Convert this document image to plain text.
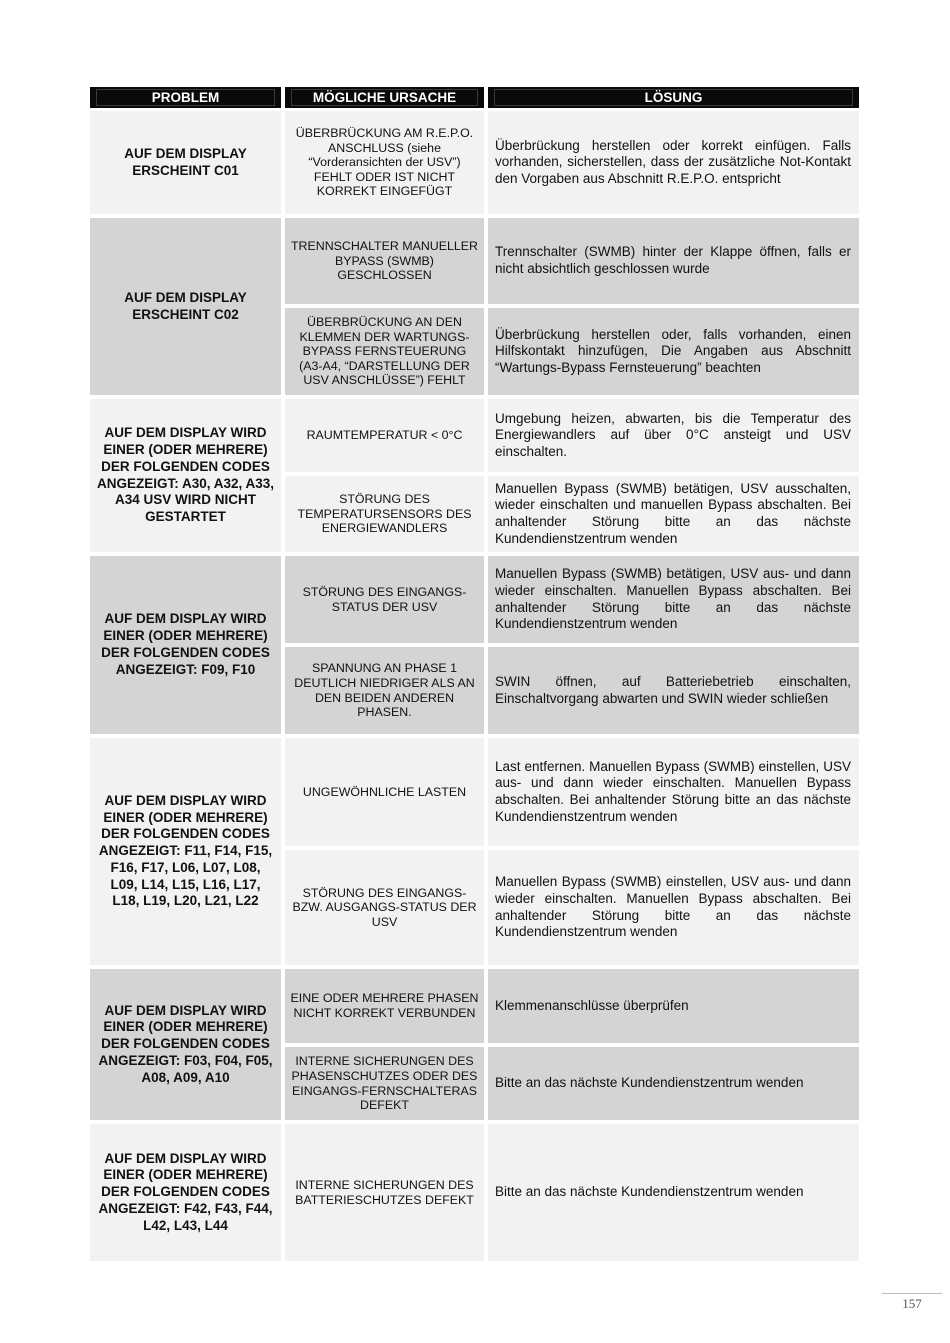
PROBLEM	MÖGLICHE URSACHE	LÖSUNG
AUF DEM DISPLAY ERSCHEINT C01
ÜBERBRÜCKUNG AM R.E.P.O. ANSCHLUSS (siehe “Vorderansichten der USV”) FEHLT ODER IST NICHT KORREKT EINGEFÜGT

Überbrückung herstellen oder korrekt einfügen. Falls vorhanden, sicherstellen, dass der zusätzliche Not-Kontakt den Vorgaben aus Abschnitt R.E.P.O. entspricht

AUF DEM DISPLAY ERSCHEINT C02
TRENNSCHALTER MANUELLER BYPASS (SWMB) GESCHLOSSEN

Trennschalter (SWMB) hinter der Klappe öffnen, falls er nicht absichtlich geschlossen wurde

ÜBERBRÜCKUNG AN DEN KLEMMEN DER WARTUNGS-BYPASS FERNSTEUERUNG (A3-A4, “DARSTELLUNG DER USV ANSCHLÜSSE”) FEHLT

Überbrückung herstellen oder, falls vorhanden, einen Hilfskontakt hinzufügen, Die Angaben aus Abschnitt “Wartungs-Bypass Fernsteuerung” beachten

AUF DEM DISPLAY WIRD EINER (ODER MEHRERE) DER FOLGENDEN CODES ANGEZEIGT: A30, A32, A33, A34 USV WIRD NICHT GESTARTET
RAUMTEMPERATUR < 0°C

Umgebung heizen, abwarten, bis die Temperatur des Energiewandlers auf über 0°C ansteigt und USV einschalten.

STÖRUNG DES TEMPERATURSENSORS DES ENERGIEWANDLERS

Manuellen Bypass (SWMB) betätigen, USV ausschalten, wieder einschalten und manuellen Bypass abschalten. Bei anhaltender Störung bitte an das nächste Kundendienstzentrum wenden

AUF DEM DISPLAY WIRD EINER (ODER MEHRERE) DER FOLGENDEN CODES ANGEZEIGT: F09, F10
STÖRUNG DES EINGANGS-STATUS DER USV

Manuellen Bypass (SWMB) betätigen, USV aus- und dann wieder einschalten. Manuellen Bypass abschalten. Bei anhaltender Störung bitte an das nächste Kundendienstzentrum wenden

SPANNUNG AN PHASE 1 DEUTLICH NIEDRIGER ALS AN DEN BEIDEN ANDEREN PHASEN.

SWIN öffnen, auf Batteriebetrieb einschalten, Einschaltvorgang abwarten und SWIN wieder schließen

AUF DEM DISPLAY WIRD EINER (ODER MEHRERE) DER FOLGENDEN CODES ANGEZEIGT: F11, F14, F15, F16, F17, L06, L07, L08, L09, L14, L15, L16, L17, L18, L19, L20, L21, L22
UNGEWÖHNLICHE LASTEN

Last entfernen. Manuellen Bypass (SWMB) einstellen, USV aus- und dann wieder einschalten. Manuellen Bypass abschalten. Bei anhaltender Störung bitte an das nächste Kundendienstzentrum wenden

STÖRUNG DES EINGANGS- BZW. AUSGANGS-STATUS DER USV

Manuellen Bypass (SWMB) einstellen, USV aus- und dann wieder einschalten. Manuellen Bypass abschalten. Bei anhaltender Störung bitte an das nächste Kundendienstzentrum wenden

AUF DEM DISPLAY WIRD EINER (ODER MEHRERE) DER FOLGENDEN CODES ANGEZEIGT: F03, F04, F05, A08, A09, A10
EINE ODER MEHRERE PHASEN NICHT KORREKT VERBUNDEN

Klemmenanschlüsse überprüfen

INTERNE SICHERUNGEN DES PHASENSCHUTZES ODER DES EINGANGS-FERNSCHALTERAS DEFEKT

Bitte an das nächste Kundendienstzentrum wenden

AUF DEM DISPLAY WIRD EINER (ODER MEHRERE) DER FOLGENDEN CODES ANGEZEIGT: F42, F43, F44, L42, L43, L44
INTERNE SICHERUNGEN DES BATTERIESCHUTZES DEFEKT

Bitte an das nächste Kundendienstzentrum wenden

157
